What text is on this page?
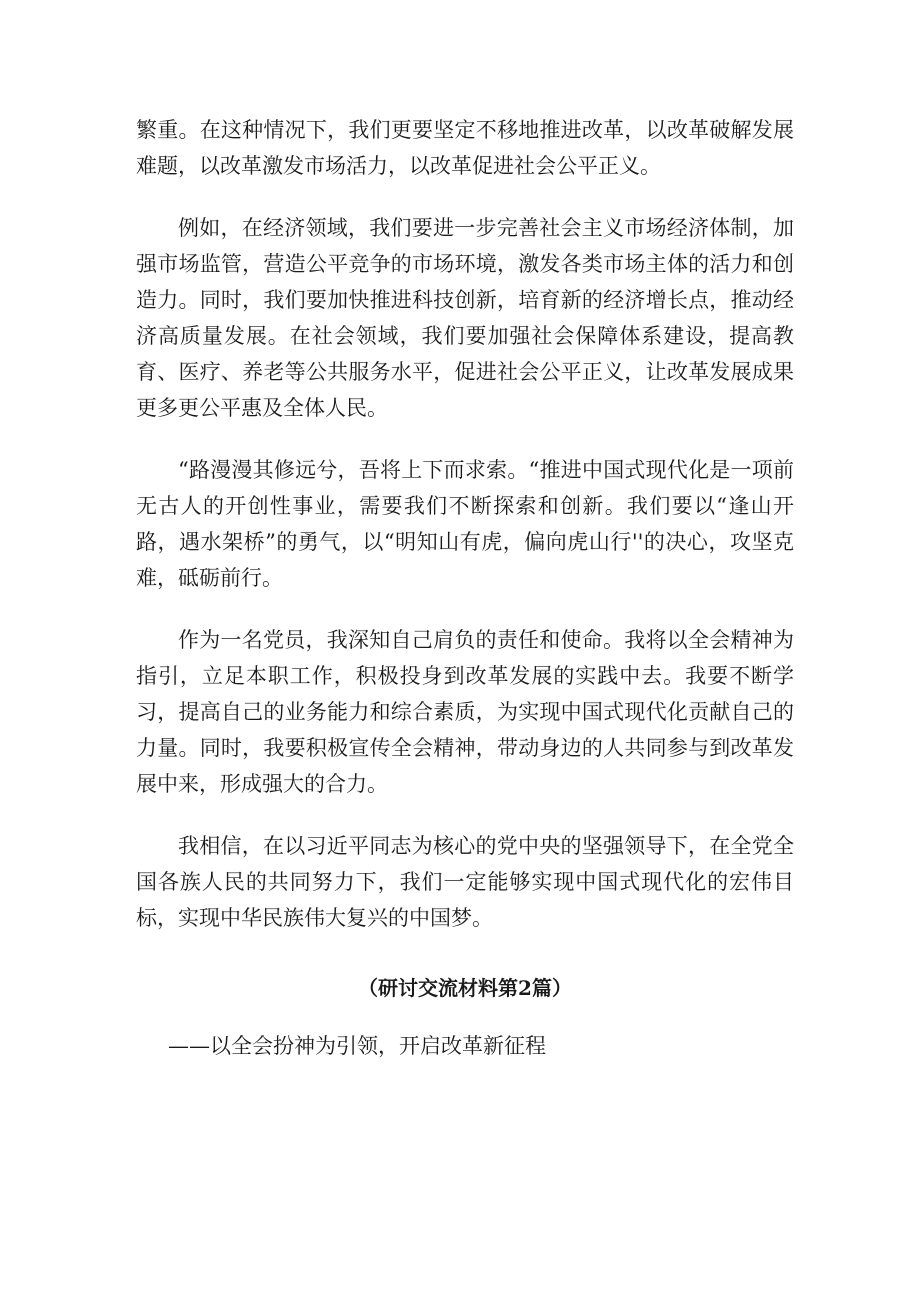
繁重。在这种情况下，我们更要坚定不移地推进改革，以改革破解发展难题，以改革激发市场活力，以改革促进社会公平正义。

例如，在经济领域，我们要进一步完善社会主义市场经济体制，加强市场监管，营造公平竞争的市场环境，激发各类市场主体的活力和创造力。同时，我们要加快推进科技创新，培育新的经济增长点，推动经济高质量发展。在社会领域，我们要加强社会保障体系建设，提高教育、医疗、养老等公共服务水平，促进社会公平正义，让改革发展成果更多更公平惠及全体人民。

“路漫漫其修远兮，吾将上下而求索。“推进中国式现代化是一项前无古人的开创性事业，需要我们不断探索和创新。我们要以“逢山开路，遇水架桥”的勇气，以“明知山有虎，偏向虎山行''的决心，攻坚克难，砥砺前行。

作为一名党员，我深知自己肩负的责任和使命。我将以全会精神为指引，立足本职工作，积极投身到改革发展的实践中去。我要不断学习，提高自己的业务能力和综合素质，为实现中国式现代化贡献自己的力量。同时，我要积极宣传全会精神，带动身边的人共同参与到改革发展中来，形成强大的合力。

我相信，在以习近平同志为核心的党中央的坚强领导下，在全党全国各族人民的共同努力下，我们一定能够实现中国式现代化的宏伟目标，实现中华民族伟大复兴的中国梦。

（研讨交流材料第2篇）

——以全会扮神为引领，开启改革新征程
